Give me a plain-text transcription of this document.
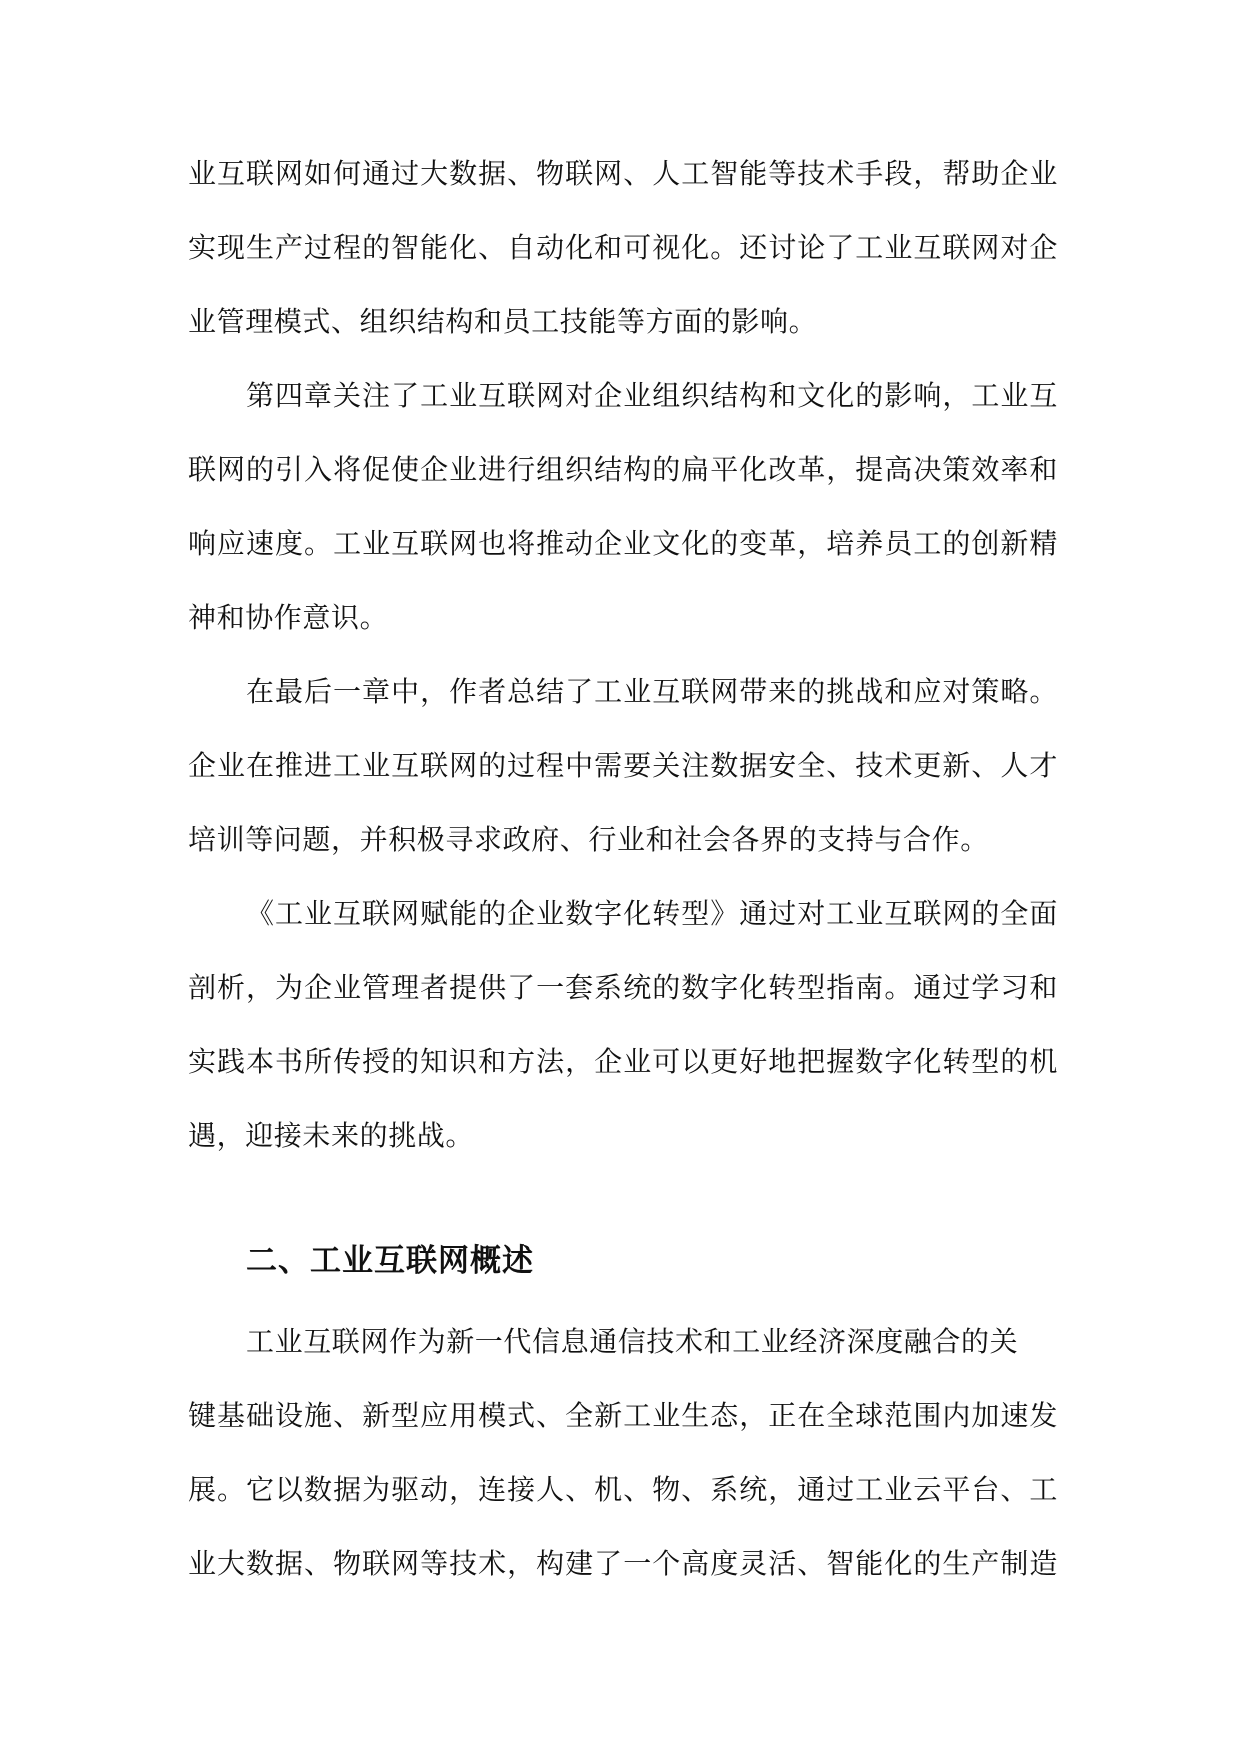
业互联网如何通过大数据、物联网、人工智能等技术手段，帮助企业
实现生产过程的智能化、自动化和可视化。还讨论了工业互联网对企
业管理模式、组织结构和员工技能等方面的影响。
第四章关注了工业互联网对企业组织结构和文化的影响，工业互
联网的引入将促使企业进行组织结构的扁平化改革，提高决策效率和
响应速度。工业互联网也将推动企业文化的变革，培养员工的创新精
神和协作意识。
在最后一章中，作者总结了工业互联网带来的挑战和应对策略。
企业在推进工业互联网的过程中需要关注数据安全、技术更新、人才
培训等问题，并积极寻求政府、行业和社会各界的支持与合作。
《工业互联网赋能的企业数字化转型》通过对工业互联网的全面
剖析，为企业管理者提供了一套系统的数字化转型指南。通过学习和
实践本书所传授的知识和方法，企业可以更好地把握数字化转型的机
遇，迎接未来的挑战。
二、工业互联网概述
工业互联网作为新一代信息通信技术和工业经济深度融合的关
键基础设施、新型应用模式、全新工业生态，正在全球范围内加速发
展。它以数据为驱动，连接人、机、物、系统，通过工业云平台、工
业大数据、物联网等技术，构建了一个高度灵活、智能化的生产制造
